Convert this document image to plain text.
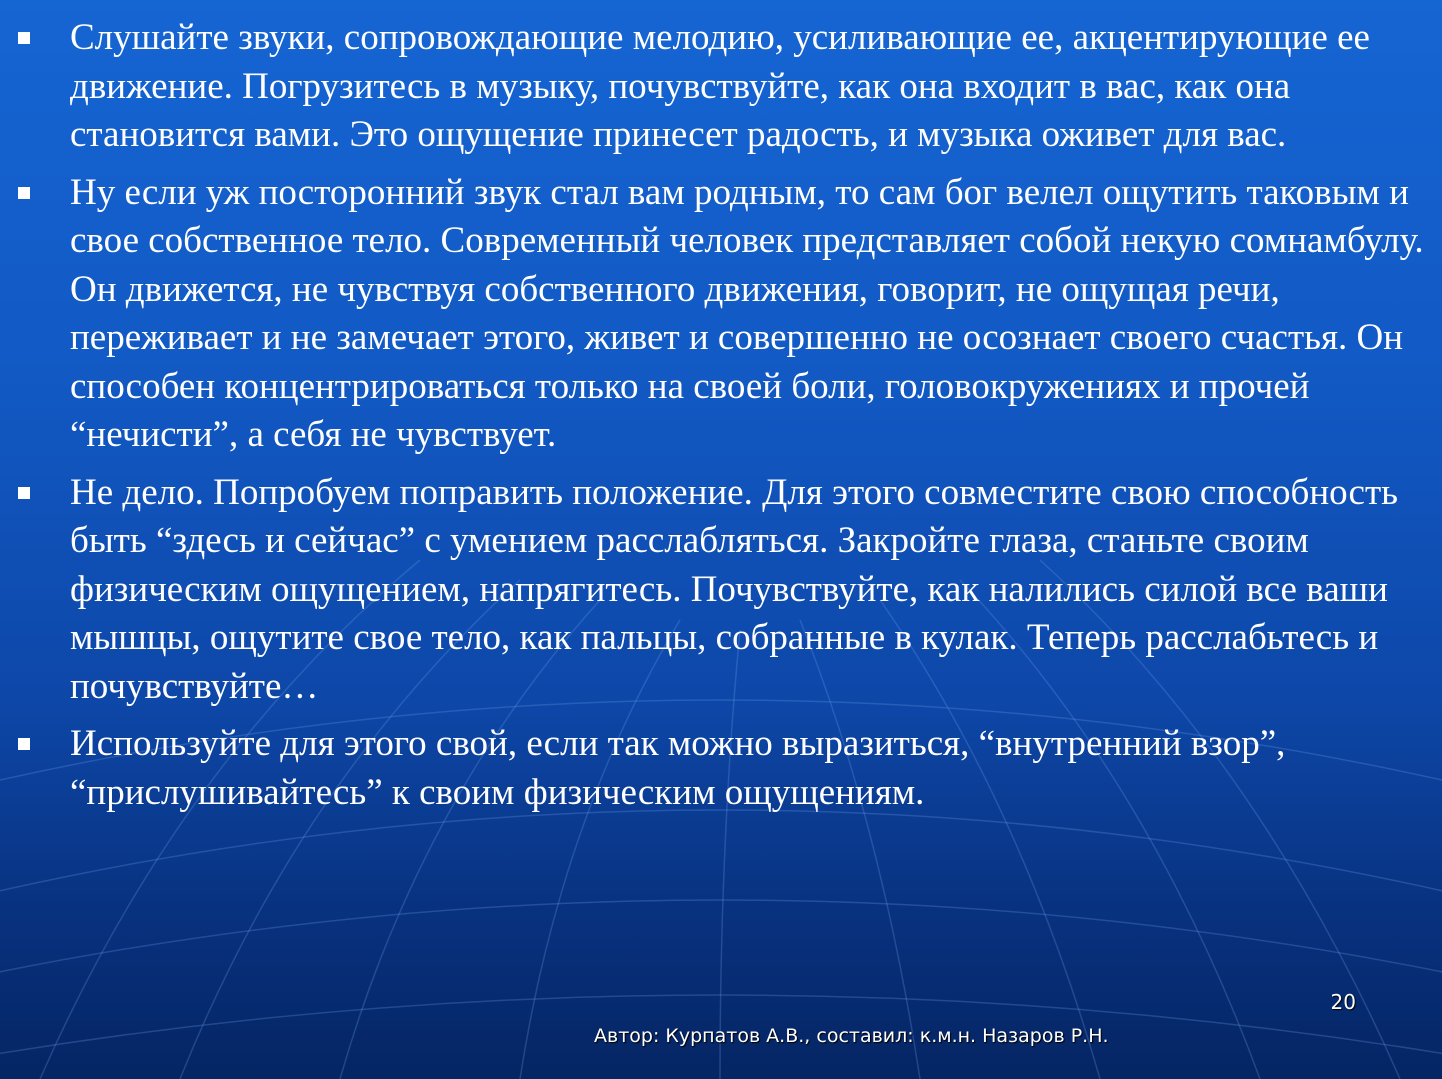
Слушайте звуки, сопровождающие мелодию, усиливающие ее, акцентирующие ее движение. Погрузитесь в музыку, почувствуйте, как она входит в вас, как она становится вами. Это ощущение принесет радость, и музыка оживет для вас.
Ну если уж посторонний звук стал вам родным, то сам бог велел ощутить таковым и свое собственное тело. Современный человек представляет собой некую сомнамбулу. Он движется, не чувствуя собственного движения, говорит, не ощущая речи, переживает и не замечает этого, живет и совершенно не осознает своего счастья. Он способен концентрироваться только на своей боли, головокружениях и прочей “нечисти”, а себя не чувствует.
Не дело. Попробуем поправить положение. Для этого совместите свою способность быть “здесь и сейчас” с умением расслабляться. Закройте глаза, станьте своим физическим ощущением, напрягитесь. Почувствуйте, как налились силой все ваши мышцы, ощутите свое тело, как пальцы, собранные в кулак. Теперь расслабьтесь и почувствуйте…
Используйте для этого свой, если так можно выразиться, “внутренний взор”, “прислушивайтесь” к своим физическим ощущениям.
20
Автор: Курпатов А.В., составил: к.м.н. Назаров Р.Н.
